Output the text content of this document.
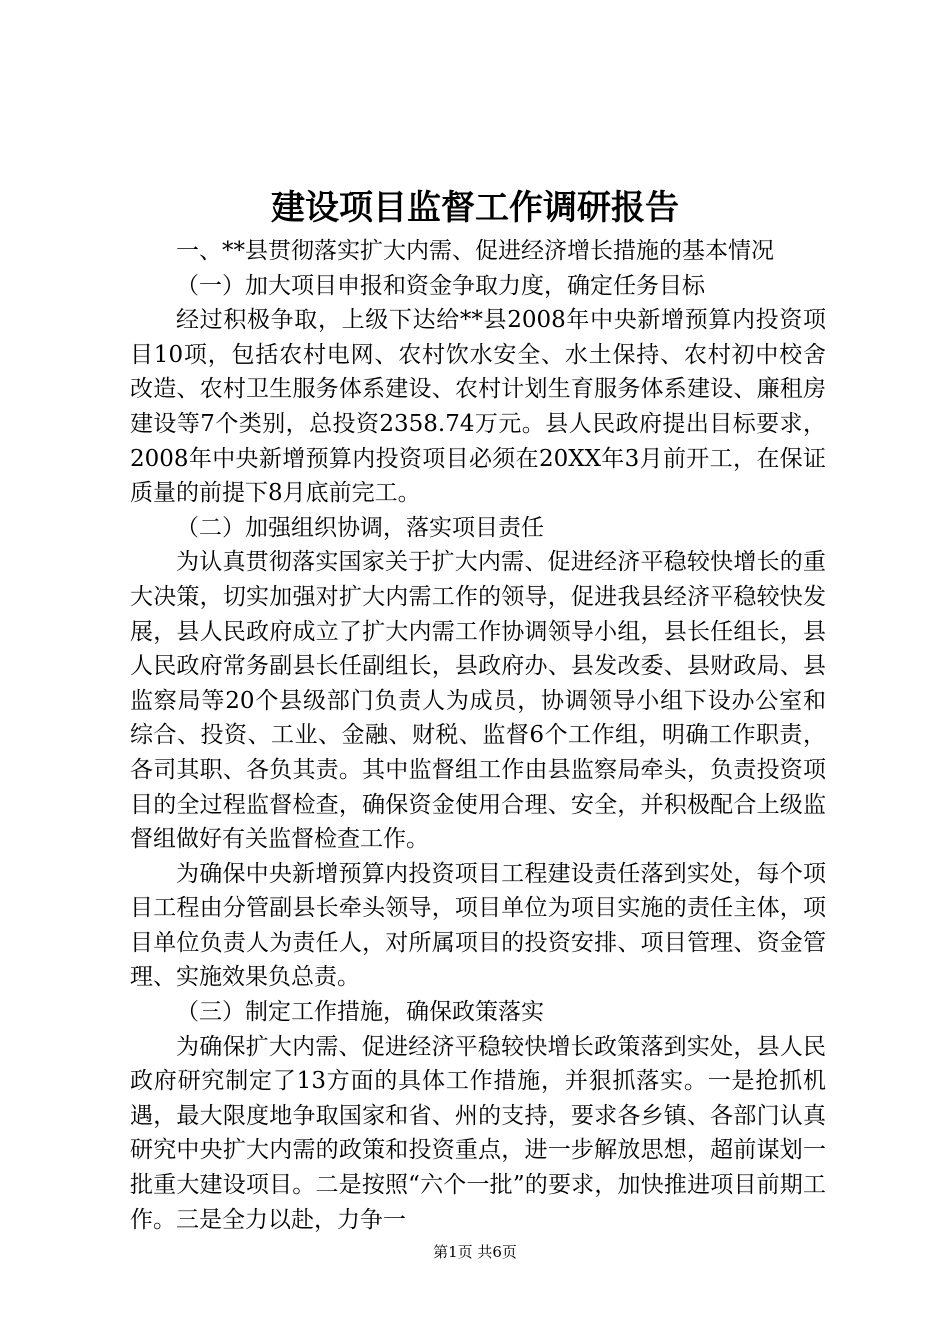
建设项目监督工作调研报告

一、**县贯彻落实扩大内需、促进经济增长措施的基本情况

（一）加大项目申报和资金争取力度，确定任务目标

经过积极争取，上级下达给**县2008年中央新增预算内投资项目10项，包括农村电网、农村饮水安全、水土保持、农村初中校舍改造、农村卫生服务体系建设、农村计划生育服务体系建设、廉租房建设等7个类别，总投资2358.74万元。县人民政府提出目标要求，2008年中央新增预算内投资项目必须在20XX年3月前开工，在保证质量的前提下8月底前完工。

（二）加强组织协调，落实项目责任

为认真贯彻落实国家关于扩大内需、促进经济平稳较快增长的重大决策，切实加强对扩大内需工作的领导，促进我县经济平稳较快发展，县人民政府成立了扩大内需工作协调领导小组，县长任组长，县人民政府常务副县长任副组长，县政府办、县发改委、县财政局、县监察局等20个县级部门负责人为成员，协调领导小组下设办公室和综合、投资、工业、金融、财税、监督6个工作组，明确工作职责，各司其职、各负其责。其中监督组工作由县监察局牵头，负责投资项目的全过程监督检查，确保资金使用合理、安全，并积极配合上级监督组做好有关监督检查工作。

为确保中央新增预算内投资项目工程建设责任落到实处，每个项目工程由分管副县长牵头领导，项目单位为项目实施的责任主体，项目单位负责人为责任人，对所属项目的投资安排、项目管理、资金管理、实施效果负总责。

（三）制定工作措施，确保政策落实

为确保扩大内需、促进经济平稳较快增长政策落到实处，县人民政府研究制定了13方面的具体工作措施，并狠抓落实。一是抢抓机遇，最大限度地争取国家和省、州的支持，要求各乡镇、各部门认真研究中央扩大内需的政策和投资重点，进一步解放思想，超前谋划一批重大建设项目。二是按照“六个一批”的要求，加快推进项目前期工作。三是全力以赴，力争一

第1页 共6页
